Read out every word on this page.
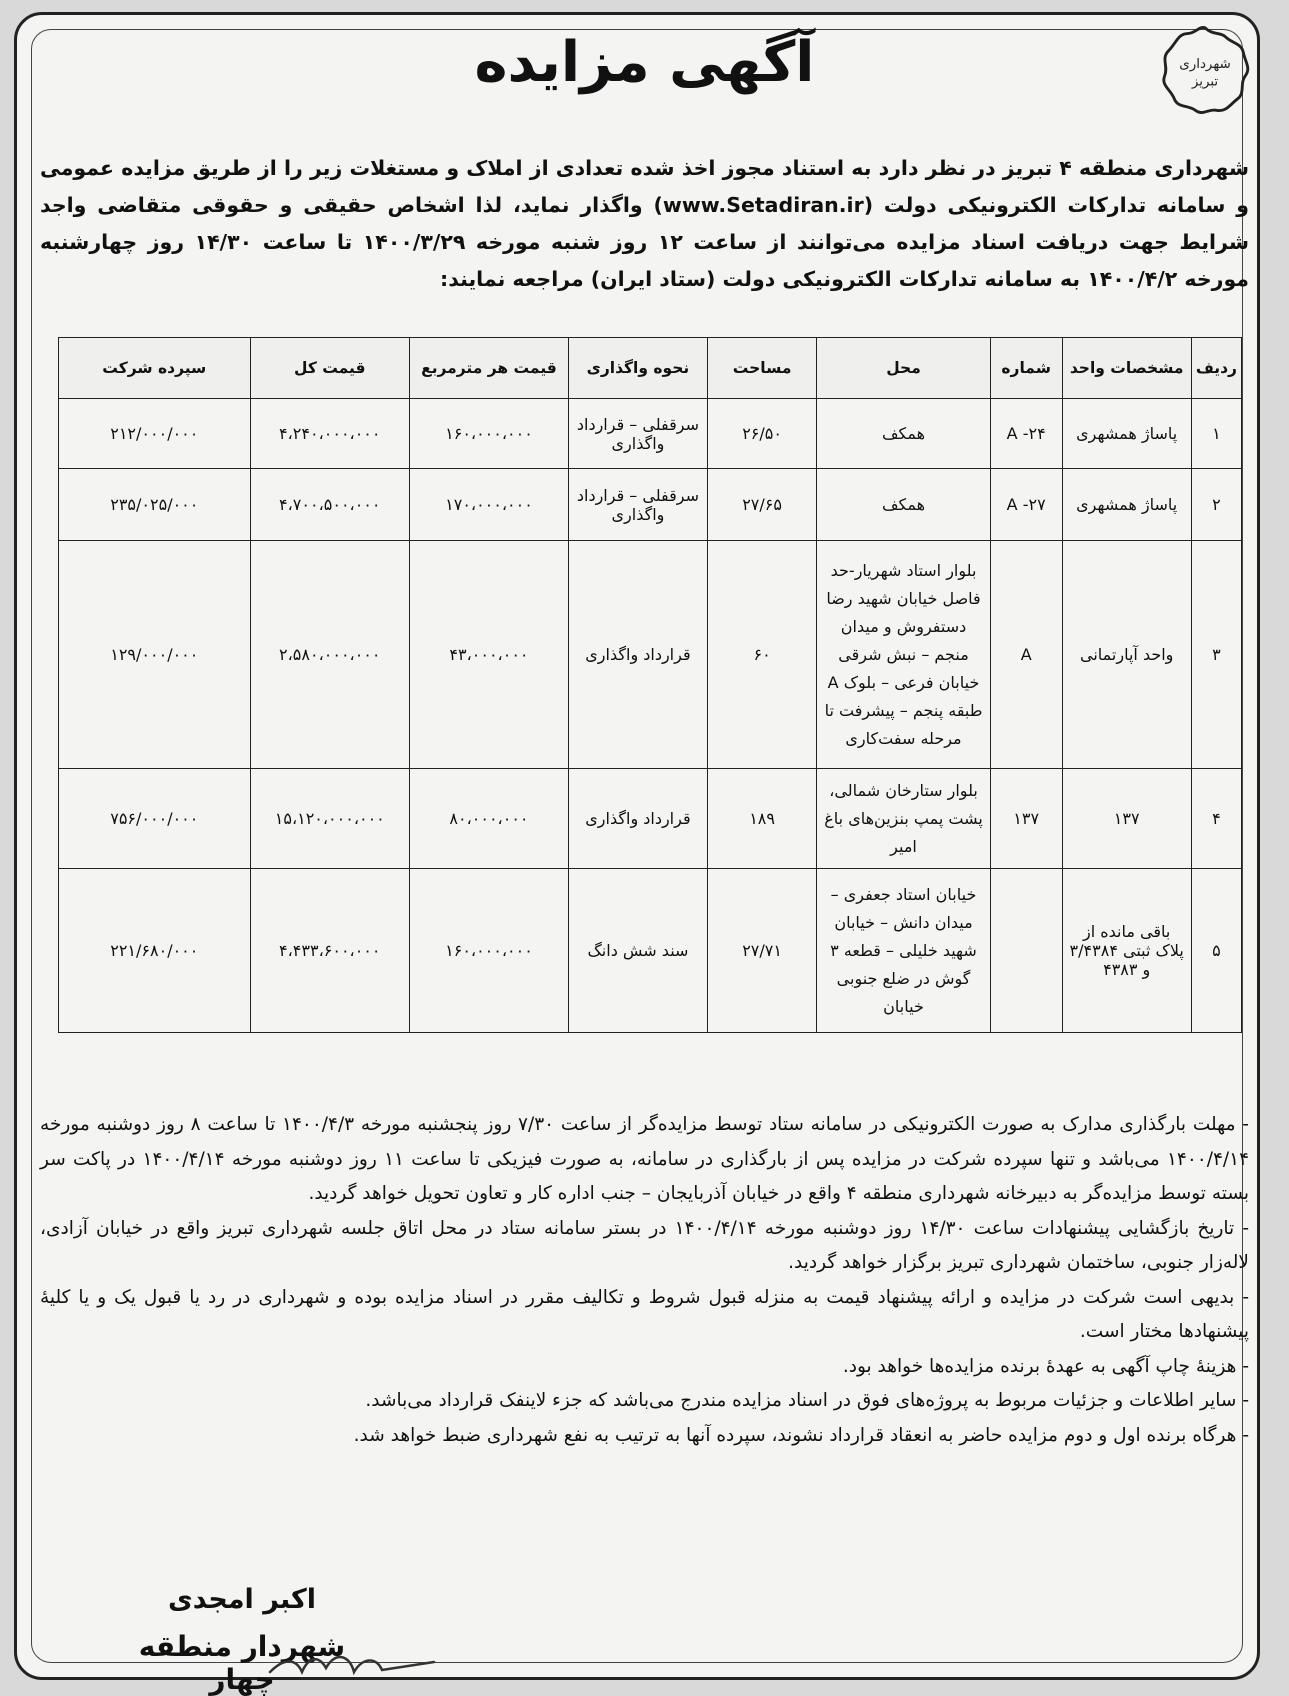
شهرداری
تبریز
آگهی مزایده
شهرداری منطقه ۴ تبریز در نظر دارد به استناد مجوز اخذ شده تعدادی از املاک و مستغلات زیر را از طریق مزایده عمومی و سامانه تدارکات الکترونیکی دولت (www.Setadiran.ir) واگذار نماید، لذا اشخاص حقیقی و حقوقی متقاضی واجد شرایط جهت دریافت اسناد مزایده می‌توانند از ساعت ۱۲ روز شنبه مورخه ۱۴۰۰/۳/۲۹ تا ساعت ۱۴/۳۰ روز چهارشنبه مورخه ۱۴۰۰/۴/۲ به سامانه تدارکات الکترونیکی دولت (ستاد ایران) مراجعه نمایند:
ردیف	مشخصات واحد	شماره	محل	مساحت	نحوه واگذاری	قیمت هر مترمربع	قیمت کل	سپرده شرکت
۱	پاساژ همشهری	A -۲۴	همکف	۲۶/۵۰	سرقفلی – قرارداد واگذاری	۱۶۰،۰۰۰،۰۰۰	۴،۲۴۰،۰۰۰،۰۰۰	۲۱۲/۰۰۰/۰۰۰
۲	پاساژ همشهری	A -۲۷	همکف	۲۷/۶۵	سرقفلی – قرارداد واگذاری	۱۷۰،۰۰۰،۰۰۰	۴،۷۰۰،۵۰۰،۰۰۰	۲۳۵/۰۲۵/۰۰۰
۳	واحد آپارتمانی	A	بلوار استاد شهریار-حد فاصل خیابان شهید رضا دستفروش و میدان منجم – نبش شرقی خیابان فرعی – بلوک A طبقه پنجم – پیشرفت تا مرحله سفت‌کاری	۶۰	قرارداد واگذاری	۴۳،۰۰۰،۰۰۰	۲،۵۸۰،۰۰۰،۰۰۰	۱۲۹/۰۰۰/۰۰۰
۴	۱۳۷	۱۳۷	بلوار ستارخان شمالی، پشت پمپ بنزین‌های باغ امیر	۱۸۹	قرارداد واگذاری	۸۰،۰۰۰،۰۰۰	۱۵،۱۲۰،۰۰۰،۰۰۰	۷۵۶/۰۰۰/۰۰۰
۵	باقی مانده از پلاک ثبتی ۳/۴۳۸۴ و ۴۳۸۳		خیابان استاد جعفری – میدان دانش – خیابان شهید خلیلی – قطعه ۳ گوش در ضلع جنوبی خیابان	۲۷/۷۱	سند شش دانگ	۱۶۰،۰۰۰،۰۰۰	۴،۴۳۳،۶۰۰،۰۰۰	۲۲۱/۶۸۰/۰۰۰

- مهلت بارگذاری مدارک به صورت الکترونیکی در سامانه ستاد توسط مزایده‌گر از ساعت ۷/۳۰ روز پنجشنبه مورخه ۱۴۰۰/۴/۳ تا ساعت ۸ روز دوشنبه مورخه ۱۴۰۰/۴/۱۴ می‌باشد و تنها سپرده شرکت در مزایده پس از بارگذاری در سامانه، به صورت فیزیکی تا ساعت ۱۱ روز دوشنبه مورخه ۱۴۰۰/۴/۱۴ در پاکت سر بسته توسط مزایده‌گر به دبیرخانه شهرداری منطقه ۴ واقع در خیابان آذربایجان – جنب اداره کار و تعاون تحویل خواهد گردید.

- تاریخ بازگشایی پیشنهادات ساعت ۱۴/۳۰ روز دوشنبه مورخه ۱۴۰۰/۴/۱۴ در بستر سامانه ستاد در محل اتاق جلسه شهرداری تبریز واقع در خیابان آزادی، لاله‌زار جنوبی، ساختمان شهرداری تبریز برگزار خواهد گردید.

- بدیهی است شرکت در مزایده و ارائه پیشنهاد قیمت به منزله قبول شروط و تکالیف مقرر در اسناد مزایده بوده و شهرداری در رد یا قبول یک و یا کلیهٔ پیشنهادها مختار است.

- هزینهٔ چاپ آگهی به عهدهٔ برنده مزایده‌ها خواهد بود.

- سایر اطلاعات و جزئیات مربوط به پروژه‌های فوق در اسناد مزایده مندرج می‌باشد که جزء لاینفک قرارداد می‌باشد.

- هرگاه برنده اول و دوم مزایده حاضر به انعقاد قرارداد نشوند، سپرده آنها به ترتیب به نفع شهرداری ضبط خواهد شد.

اکبر امجدی
شهردار منطقه چهار
